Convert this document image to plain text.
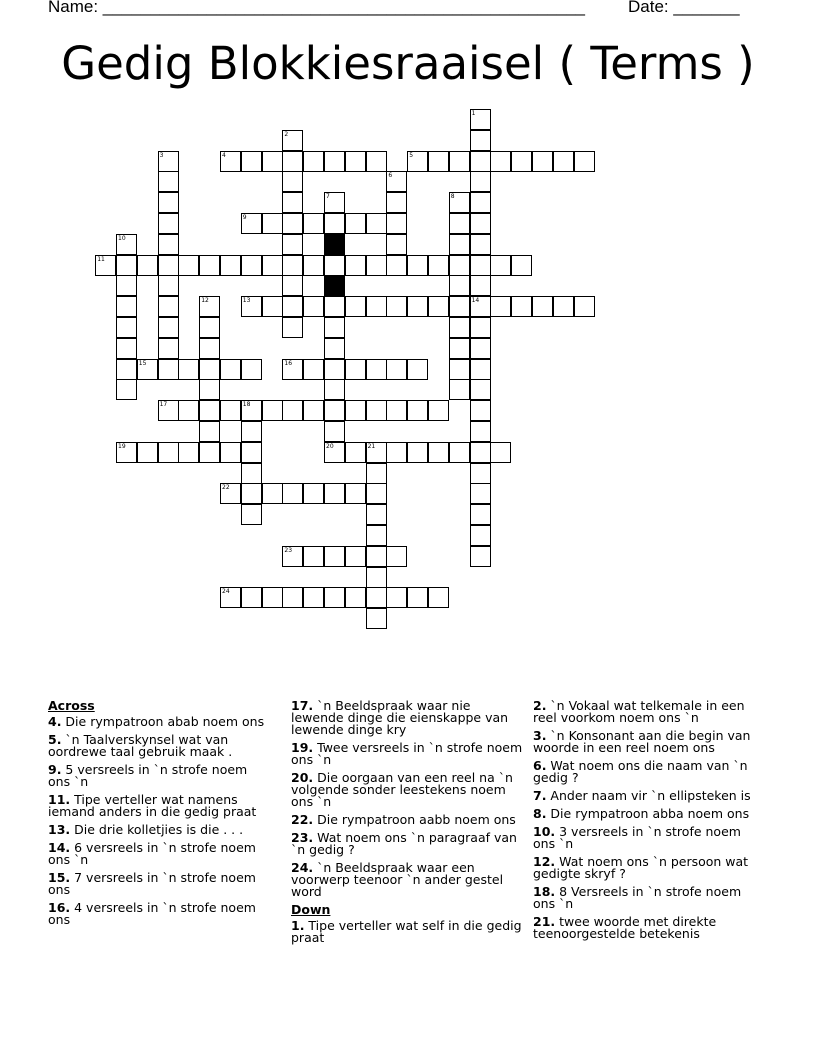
Name: ___________________________________________________	Date: _______
Gedig Blokkiesraaisel ( Terms )
1
14
2
3	4	5
6
7	8
9
10
11
12	13
15	16
17	18
19	20	21
22
23
24
Across
4. Die rympatroon abab noem ons
5. `n Taalverskynsel wat van oordrewe taal gebruik maak .
9. 5 versreels in `n strofe noem ons `n
11. Tipe verteller wat namens iemand anders in die gedig praat
13. Die drie kolletjies is die . . .
14. 6 versreels in `n strofe noem ons `n
15. 7 versreels in `n strofe noem ons
16. 4 versreels in `n strofe noem ons
17. `n Beeldspraak waar nie lewende dinge die eienskappe van lewende dinge kry
19. Twee versreels in `n strofe noem ons `n
20. Die oorgaan van een reel na `n volgende sonder leestekens noem ons `n
22. Die rympatroon aabb noem ons
23. Wat noem ons `n paragraaf van `n gedig ?
24. `n Beeldspraak waar een voorwerp teenoor `n ander gestel word
Down
1. Tipe verteller wat self in die gedig praat
2. `n Vokaal wat telkemale in een reel voorkom noem ons `n
3. `n Konsonant aan die begin van woorde in een reel noem ons
6. Wat noem ons die naam van `n gedig ?
7. Ander naam vir `n ellipsteken is
8. Die rympatroon abba noem ons
10. 3 versreels in `n strofe noem ons `n
12. Wat noem ons `n persoon wat gedigte skryf ?
18. 8 Versreels in `n strofe noem ons `n
21. twee woorde met direkte teenoorgestelde betekenis
